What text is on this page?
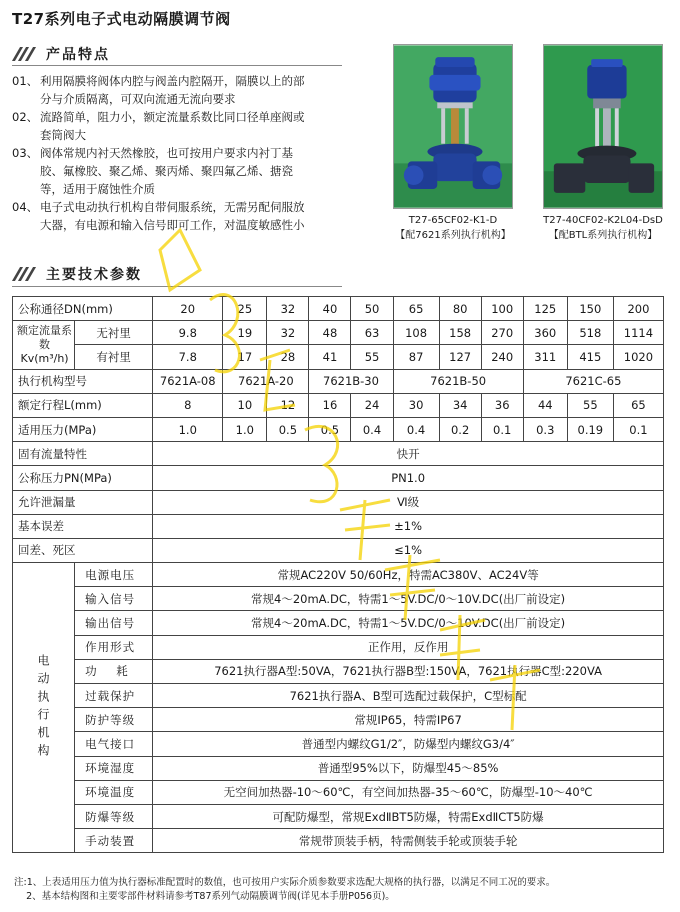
T27系列电子式电动隔膜调节阀
产品特点
01、 利用隔膜将阀体内腔与阀盖内腔隔开，隔膜以上的部分与介质隔离，可双向流通无流向要求
02、 流路简单，阻力小，额定流量系数比同口径单座阀或套筒阀大
03、 阀体常规内衬天然橡胶，也可按用户要求内衬丁基胶、氟橡胶、聚乙烯、聚丙烯、聚四氟乙烯、搪瓷等，适用于腐蚀性介质
04、 电子式电动执行机构自带伺服系统，无需另配伺服放大器，有电源和输入信号即可工作，对温度敏感性小	T27-65CF02-K1-D
【配7621系列执行机构】
T27-40CF02-K2L04-DsD
【配BTL系列执行机构】
主要技术参数
公称通径DN(mm)		20	25	32	40	50	65	80	100	125	150	200
额定流量系数Kv(m³/h)	无衬里	9.8	19	32	48	63	108	158	270	360	518	1114
	有衬里	7.8	17	28	41	55	87	127	240	311	415	1020
执行机构型号		7621A-08	7621A-20		7621B-30		7621B-50			7621C-65		
额定行程L(mm)		8	10	12	16	24	30	34	36	44	55	65
适用压力(MPa)		1.0	1.0	0.5	0.5	0.4	0.4	0.2	0.1	0.3	0.19	0.1
固有流量特性		快开										
公称压力PN(MPa)		PN1.0										
允许泄漏量		Ⅵ级										
基本误差		±1%										
回差、死区		≤1%										
电动执行机构	电源电压	常规AC220V 50/60Hz，特需AC380V、AC24V等										
	输入信号	常规4～20mA.DC，特需1～5V.DC/0～10V.DC(出厂前设定)										
	输出信号	常规4～20mA.DC，特需1～5V.DC/0～10V.DC(出厂前设定)										
	作用形式	正作用，反作用										
	功    耗	7621执行器A型:50VA，7621执行器B型:150VA，7621执行器C型:220VA										
	过载保护	7621执行器A、B型可选配过载保护，C型标配										
	防护等级	常规IP65，特需IP67										
	电气接口	普通型内螺纹G1/2″，防爆型内螺纹G3/4″										
	环境湿度	普通型95%以下，防爆型45～85%										
	环境温度	无空间加热器-10～60℃，有空间加热器-35～60℃，防爆型-10～40℃										
	防爆等级	可配防爆型，常规ExdⅡBT5防爆，特需ExdⅡCT5防爆										
	手动装置	常规带顶装手柄，特需侧装手轮或顶装手轮										
注:1、上表适用压力值为执行器标准配置时的数值，也可按用户实际介质参数要求选配大规格的执行器，以满足不同工况的要求。
2、基本结构图和主要零部件材料请参考T87系列气动隔膜调节阀(详见本手册P056页)。
